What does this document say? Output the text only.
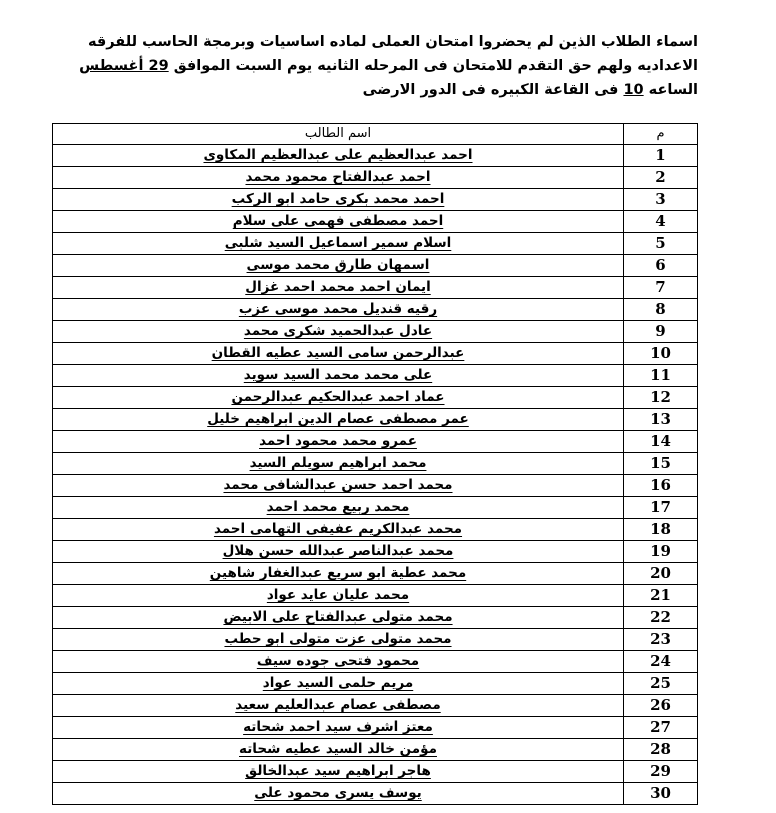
اسماء الطلاب الذين لم يحضروا امتحان العملى لماده اساسيات وبرمجة الحاسب للفرقه الاعداديه ولهم حق التقدم للامتحان فى المرحله الثانيه يوم السبت الموافق 29 أغسطس الساعه 10 فى القاعة الكبيره فى الدور الارضى
م	اسم الطالب
1	احمد عبدالعظيم على عبدالعظيم المكاوى
2	احمد عبدالفتاح محمود محمد
3	احمد محمد بكرى حامد ابو الركب
4	احمد مصطفى فهمى على سلام
5	اسلام سمير اسماعيل السيد شلبى
6	اسمهان طارق محمد موسى
7	ايمان احمد محمد احمد غزال
8	رقيه قنديل محمد موسى عزب
9	عادل عبدالحميد شكرى محمد
10	عبدالرحمن سامى السيد عطيه القطان
11	على محمد محمد السيد سويد
12	عماد احمد عبدالحكيم عبدالرحمن
13	عمر مصطفى عصام الدين ابراهيم خليل
14	عمرو محمد محمود احمد
15	محمد ابراهيم سويلم السيد
16	محمد احمد حسن عبدالشافى محمد
17	محمد ربيع محمد احمد
18	محمد عبدالكريم عفيفى التهامى احمد
19	محمد عبدالناصر عبدالله حسن هلال
20	محمد عطية ابو سريع عبدالغفار شاهين
21	محمد عليان عايد عواد
22	محمد متولى عبدالفتاح على الابيض
23	محمد متولى عزت متولى ابو حطب
24	محمود فتحى جوده سيف
25	مريم حلمى السيد عواد
26	مصطفى عصام عبدالعليم سعيد
27	معتز اشرف سيد احمد شحاته
28	مؤمن خالد السيد عطيه شحاته
29	هاجر ابراهيم سيد عبدالخالق
30	يوسف يسرى محمود على
